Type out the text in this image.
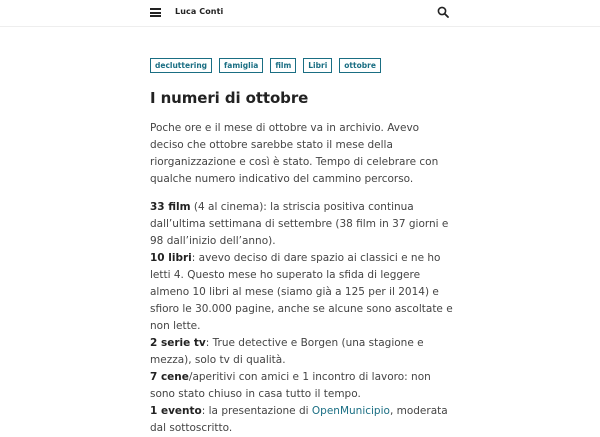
Luca Conti
decluttering	famiglia	film	Libri	ottobre
I numeri di ottobre

Poche ore e il mese di ottobre va in archivio. Avevo deciso che ottobre sarebbe stato il mese della riorganizzazione e così è stato. Tempo di celebrare con qualche numero indicativo del cammino percorso.

33 film (4 al cinema): la striscia positiva continua dall’ultima settimana di settembre (38 film in 37 giorni e 98 dall’inizio dell’anno).
10 libri: avevo deciso di dare spazio ai classici e ne ho letti 4. Questo mese ho superato la sfida di leggere almeno 10 libri al mese (siamo già a 125 per il 2014) e sfioro le 30.000 pagine, anche se alcune sono ascoltate e non lette.
2 serie tv: True detective e Borgen (una stagione e mezza), solo tv di qualità.
7 cene/aperitivi con amici e 1 incontro di lavoro: non sono stato chiuso in casa tutto il tempo.
1 evento: la presentazione di OpenMunicipio, moderata dal sottoscritto.
